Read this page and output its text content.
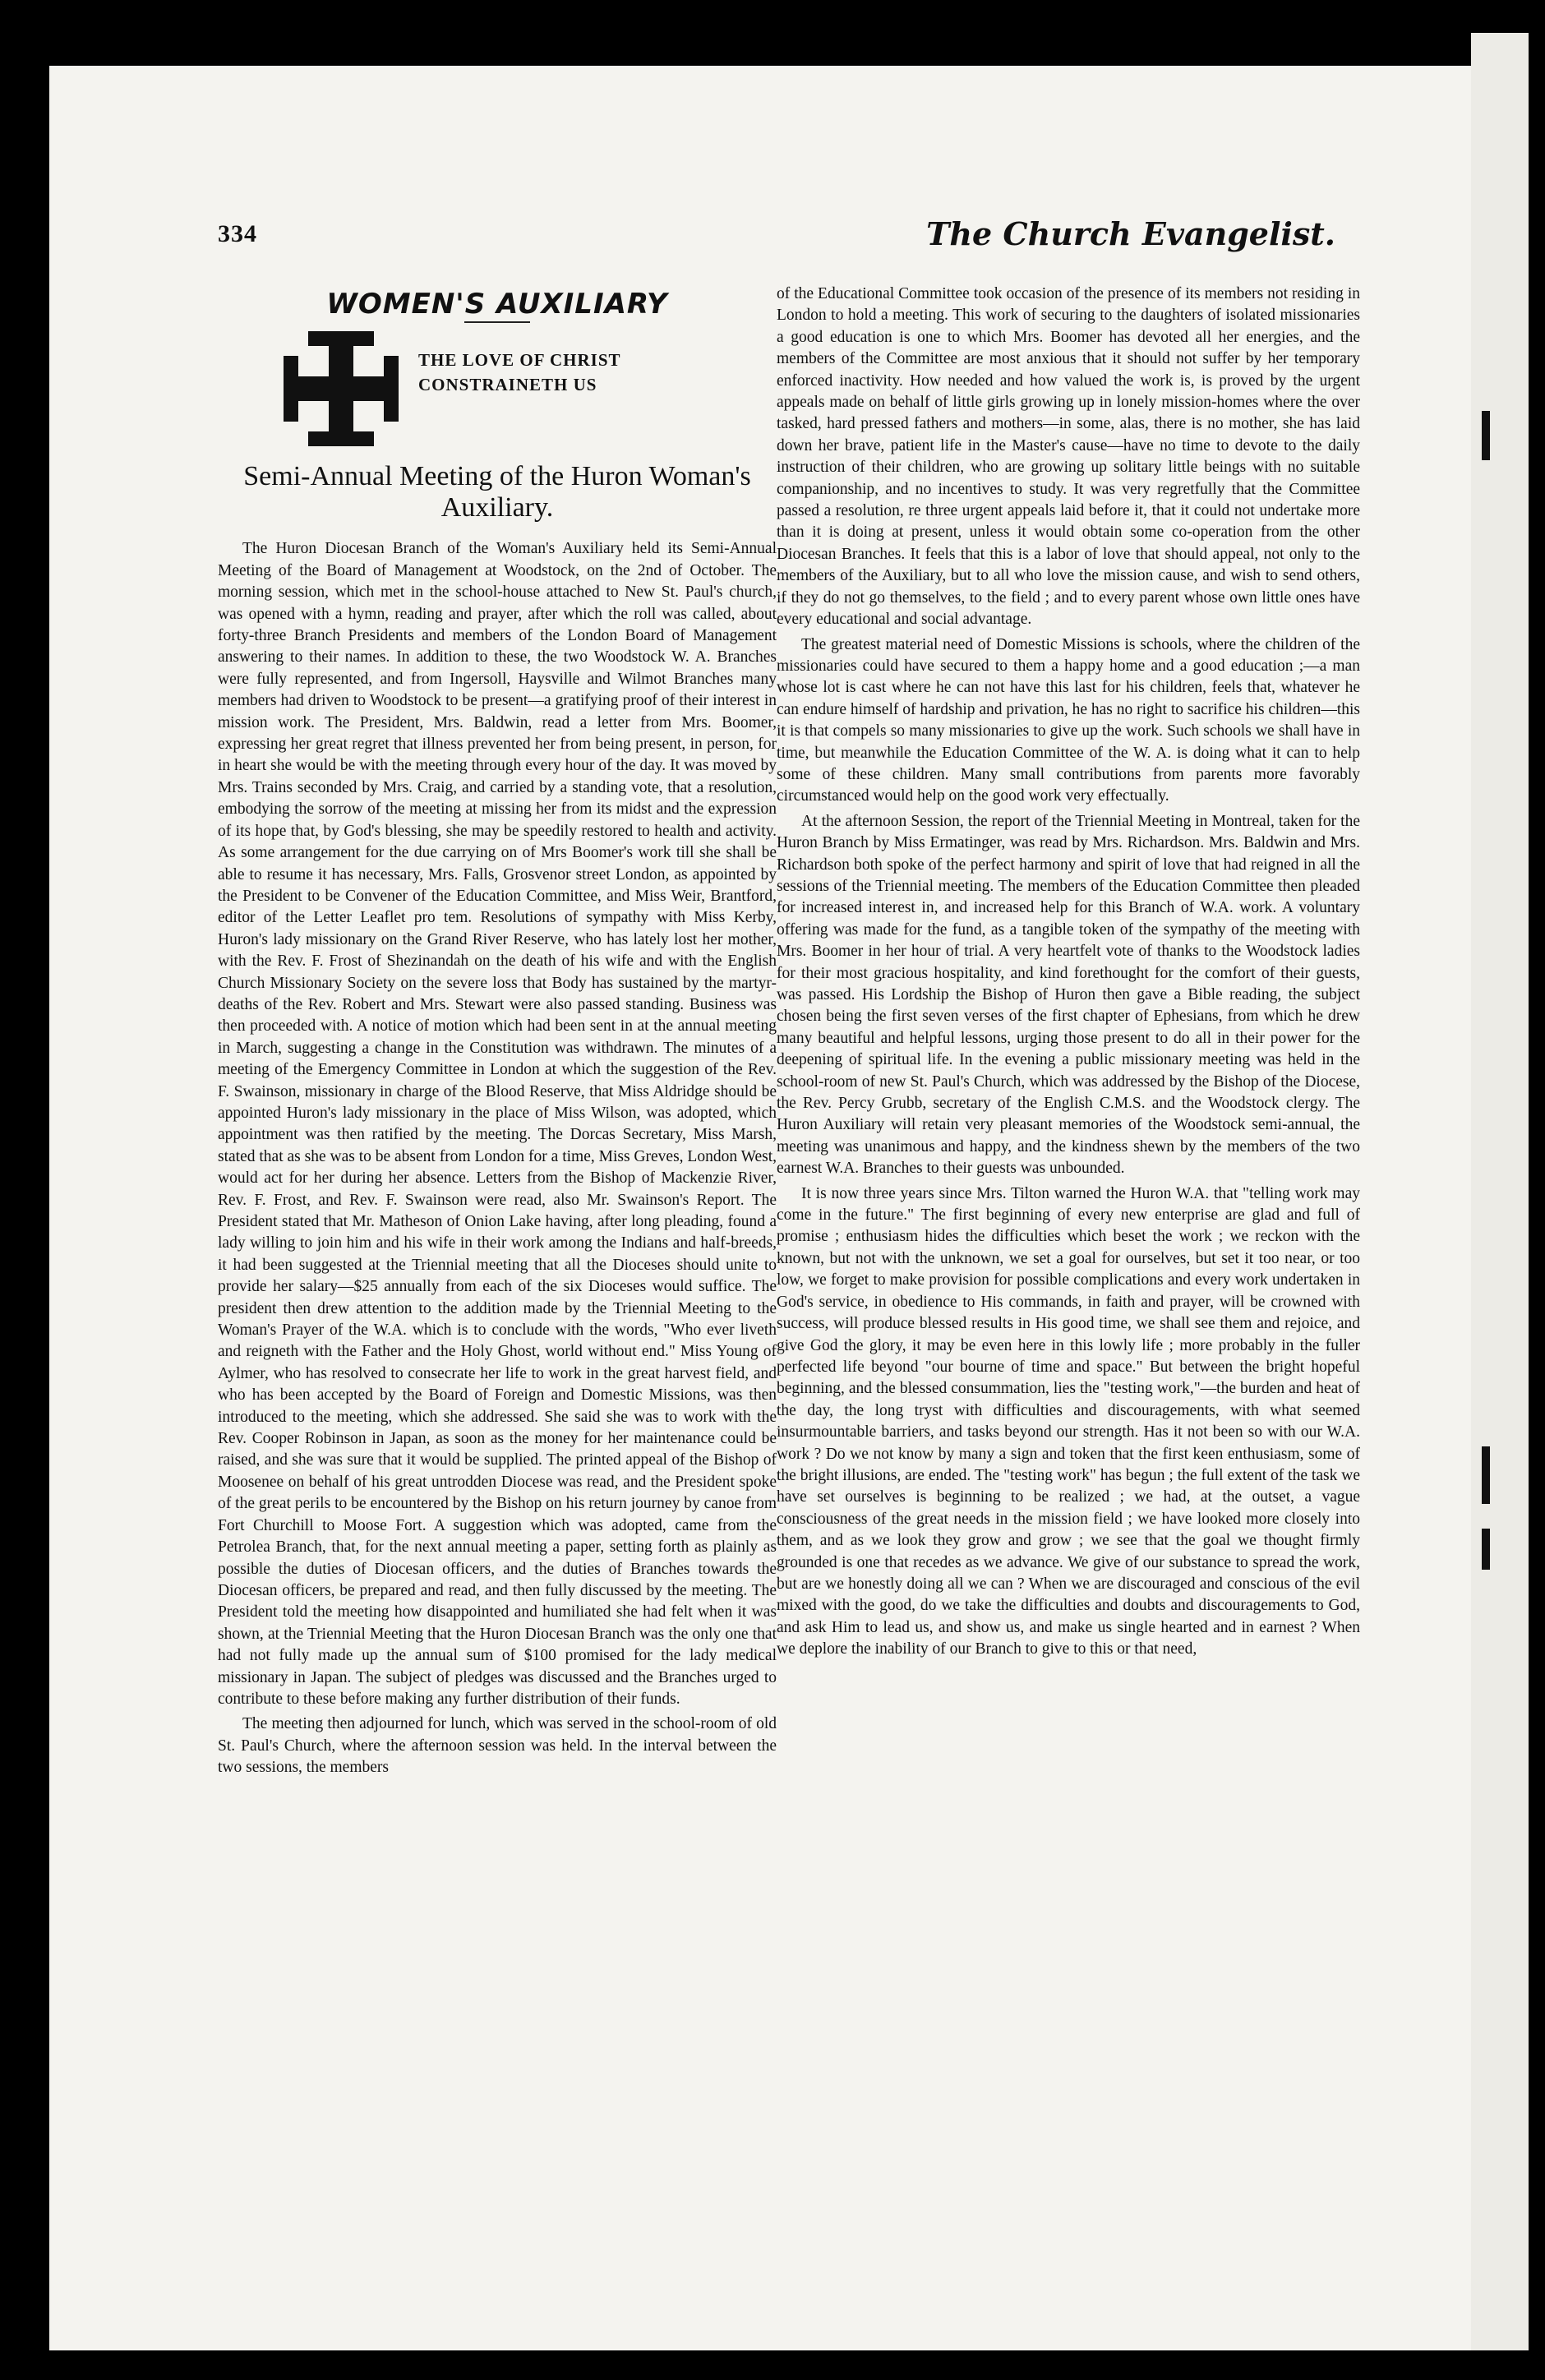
334	The Church Evangelist.
WOMEN'S AUXILIARY
THE LOVE OF CHRIST
CONSTRAINETH US
Semi-Annual Meeting of the Huron Woman's Auxiliary.

The Huron Diocesan Branch of the Woman's Auxiliary held its Semi-Annual Meeting of the Board of Management at Woodstock, on the 2nd of October. The morning session, which met in the school-house attached to New St. Paul's church, was opened with a hymn, reading and prayer, after which the roll was called, about forty-three Branch Presidents and members of the London Board of Management answering to their names. In addition to these, the two Woodstock W. A. Branches were fully represented, and from Ingersoll, Haysville and Wilmot Branches many members had driven to Woodstock to be present—a gratifying proof of their interest in mission work. The President, Mrs. Baldwin, read a letter from Mrs. Boomer, expressing her great regret that illness prevented her from being present, in person, for in heart she would be with the meeting through every hour of the day. It was moved by Mrs. Trains seconded by Mrs. Craig, and carried by a standing vote, that a resolution, embodying the sorrow of the meeting at missing her from its midst and the expression of its hope that, by God's blessing, she may be speedily restored to health and activity. As some arrangement for the due carrying on of Mrs Boomer's work till she shall be able to resume it has necessary, Mrs. Falls, Grosvenor street London, as appointed by the President to be Convener of the Education Committee, and Miss Weir, Brantford, editor of the Letter Leaflet pro tem. Resolutions of sympathy with Miss Kerby, Huron's lady missionary on the Grand River Reserve, who has lately lost her mother, with the Rev. F. Frost of Shezinandah on the death of his wife and with the English Church Missionary Society on the severe loss that Body has sustained by the martyr-deaths of the Rev. Robert and Mrs. Stewart were also passed standing. Business was then proceeded with. A notice of motion which had been sent in at the annual meeting in March, suggesting a change in the Constitution was withdrawn. The minutes of a meeting of the Emergency Committee in London at which the suggestion of the Rev. F. Swainson, missionary in charge of the Blood Reserve, that Miss Aldridge should be appointed Huron's lady missionary in the place of Miss Wilson, was adopted, which appointment was then ratified by the meeting. The Dorcas Secretary, Miss Marsh, stated that as she was to be absent from London for a time, Miss Greves, London West, would act for her during her absence. Letters from the Bishop of Mackenzie River, Rev. F. Frost, and Rev. F. Swainson were read, also Mr. Swainson's Report. The President stated that Mr. Matheson of Onion Lake having, after long pleading, found a lady willing to join him and his wife in their work among the Indians and half-breeds, it had been suggested at the Triennial meeting that all the Dioceses should unite to provide her salary—$25 annually from each of the six Dioceses would suffice. The president then drew attention to the addition made by the Triennial Meeting to the Woman's Prayer of the W.A. which is to conclude with the words, "Who ever liveth and reigneth with the Father and the Holy Ghost, world without end." Miss Young of Aylmer, who has resolved to consecrate her life to work in the great harvest field, and who has been accepted by the Board of Foreign and Domestic Missions, was then introduced to the meeting, which she addressed. She said she was to work with the Rev. Cooper Robinson in Japan, as soon as the money for her maintenance could be raised, and she was sure that it would be supplied. The printed appeal of the Bishop of Moosenee on behalf of his great untrodden Diocese was read, and the President spoke of the great perils to be encountered by the Bishop on his return journey by canoe from Fort Churchill to Moose Fort. A suggestion which was adopted, came from the Petrolea Branch, that, for the next annual meeting a paper, setting forth as plainly as possible the duties of Diocesan officers, and the duties of Branches towards the Diocesan officers, be prepared and read, and then fully discussed by the meeting. The President told the meeting how disappointed and humiliated she had felt when it was shown, at the Triennial Meeting that the Huron Diocesan Branch was the only one that had not fully made up the annual sum of $100 promised for the lady medical missionary in Japan. The subject of pledges was discussed and the Branches urged to contribute to these before making any further distribution of their funds.

The meeting then adjourned for lunch, which was served in the school-room of old St. Paul's Church, where the afternoon session was held. In the interval between the two sessions, the members

of the Educational Committee took occasion of the presence of its members not residing in London to hold a meeting. This work of securing to the daughters of isolated missionaries a good education is one to which Mrs. Boomer has devoted all her energies, and the members of the Committee are most anxious that it should not suffer by her temporary enforced inactivity. How needed and how valued the work is, is proved by the urgent appeals made on behalf of little girls growing up in lonely mission-homes where the over tasked, hard pressed fathers and mothers—in some, alas, there is no mother, she has laid down her brave, patient life in the Master's cause—have no time to devote to the daily instruction of their children, who are growing up solitary little beings with no suitable companionship, and no incentives to study. It was very regretfully that the Committee passed a resolution, re three urgent appeals laid before it, that it could not undertake more than it is doing at present, unless it would obtain some co-operation from the other Diocesan Branches. It feels that this is a labor of love that should appeal, not only to the members of the Auxiliary, but to all who love the mission cause, and wish to send others, if they do not go themselves, to the field ; and to every parent whose own little ones have every educational and social advantage.

The greatest material need of Domestic Missions is schools, where the children of the missionaries could have secured to them a happy home and a good education ;—a man whose lot is cast where he can not have this last for his children, feels that, whatever he can endure himself of hardship and privation, he has no right to sacrifice his children—this it is that compels so many missionaries to give up the work. Such schools we shall have in time, but meanwhile the Education Committee of the W. A. is doing what it can to help some of these children. Many small contributions from parents more favorably circumstanced would help on the good work very effectually.

At the afternoon Session, the report of the Triennial Meeting in Montreal, taken for the Huron Branch by Miss Ermatinger, was read by Mrs. Richardson. Mrs. Baldwin and Mrs. Richardson both spoke of the perfect harmony and spirit of love that had reigned in all the sessions of the Triennial meeting. The members of the Education Committee then pleaded for increased interest in, and increased help for this Branch of W.A. work. A voluntary offering was made for the fund, as a tangible token of the sympathy of the meeting with Mrs. Boomer in her hour of trial. A very heartfelt vote of thanks to the Woodstock ladies for their most gracious hospitality, and kind forethought for the comfort of their guests, was passed. His Lordship the Bishop of Huron then gave a Bible reading, the subject chosen being the first seven verses of the first chapter of Ephesians, from which he drew many beautiful and helpful lessons, urging those present to do all in their power for the deepening of spiritual life. In the evening a public missionary meeting was held in the school-room of new St. Paul's Church, which was addressed by the Bishop of the Diocese, the Rev. Percy Grubb, secretary of the English C.M.S. and the Woodstock clergy. The Huron Auxiliary will retain very pleasant memories of the Woodstock semi-annual, the meeting was unanimous and happy, and the kindness shewn by the members of the two earnest W.A. Branches to their guests was unbounded.

It is now three years since Mrs. Tilton warned the Huron W.A. that "telling work may come in the future." The first beginning of every new enterprise are glad and full of promise ; enthusiasm hides the difficulties which beset the work ; we reckon with the known, but not with the unknown, we set a goal for ourselves, but set it too near, or too low, we forget to make provision for possible complications and every work undertaken in God's service, in obedience to His commands, in faith and prayer, will be crowned with success, will produce blessed results in His good time, we shall see them and rejoice, and give God the glory, it may be even here in this lowly life ; more probably in the fuller perfected life beyond "our bourne of time and space." But between the bright hopeful beginning, and the blessed consummation, lies the "testing work,"—the burden and heat of the day, the long tryst with difficulties and discouragements, with what seemed insurmountable barriers, and tasks beyond our strength. Has it not been so with our W.A. work ? Do we not know by many a sign and token that the first keen enthusiasm, some of the bright illusions, are ended. The "testing work" has begun ; the full extent of the task we have set ourselves is beginning to be realized ; we had, at the outset, a vague consciousness of the great needs in the mission field ; we have looked more closely into them, and as we look they grow and grow ; we see that the goal we thought firmly grounded is one that recedes as we advance. We give of our substance to spread the work, but are we honestly doing all we can ? When we are discouraged and conscious of the evil mixed with the good, do we take the difficulties and doubts and discouragements to God, and ask Him to lead us, and show us, and make us single hearted and in earnest ? When we deplore the inability of our Branch to give to this or that need,
